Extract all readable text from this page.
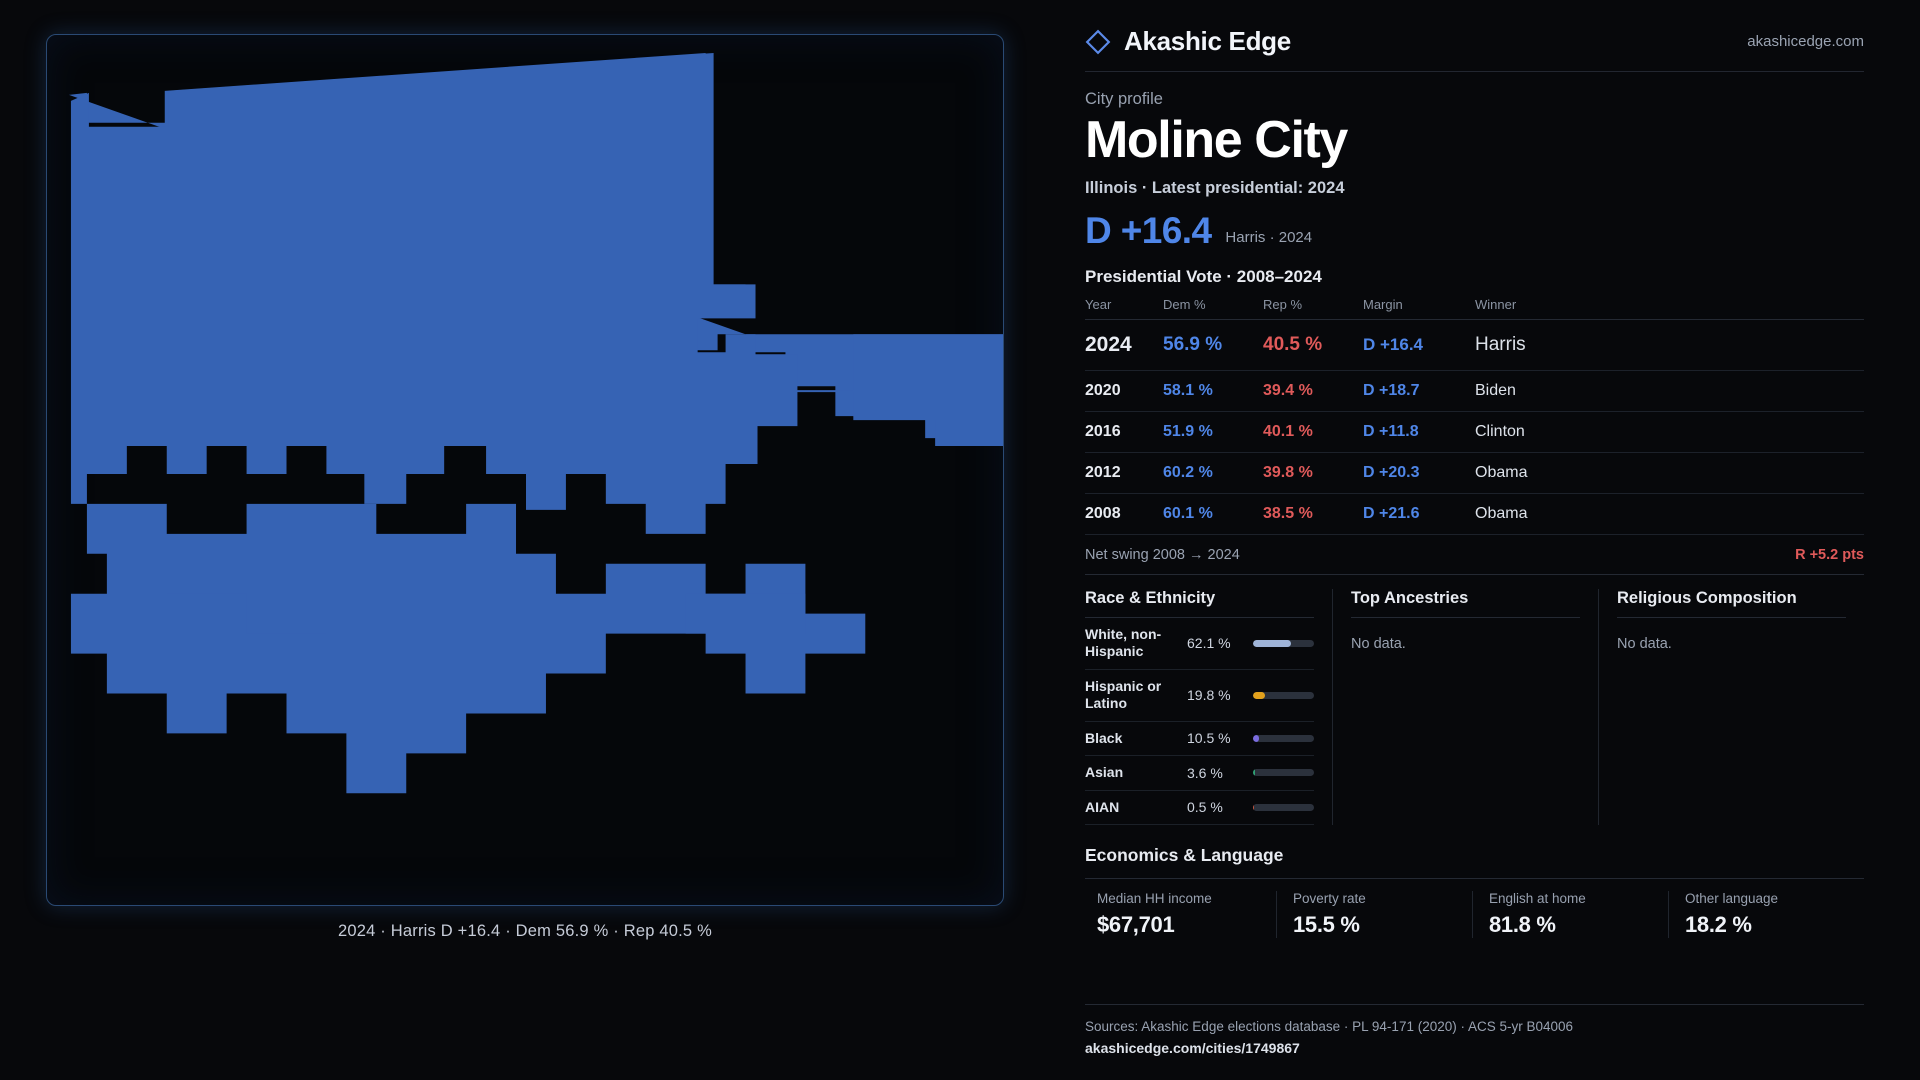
2024 · Harris D +16.4 · Dem 56.9 % · Rep 40.5 %
Akashic Edge	akashicedge.com
City profile
Moline City
Illinois · Latest presidential: 2024
D +16.4 Harris · 2024
Presidential Vote · 2008–2024
Year	Dem %	Rep %	Margin	Winner
2024	56.9 %	40.5 %	D +16.4	Harris
2020	58.1 %	39.4 %	D +18.7	Biden
2016	51.9 %	40.1 %	D +11.8	Clinton
2012	60.2 %	39.8 %	D +20.3	Obama
2008	60.1 %	38.5 %	D +21.6	Obama
Net swing 2008 → 2024	R +5.2 pts
Race & Ethnicity
White, non-Hispanic	62.1 %
Hispanic or Latino	19.8 %
Black	10.5 %
Asian	3.6 %
AIAN	0.5 %
Top Ancestries
No data.
Religious Composition
No data.
Economics & Language
Median HH income
$67,701
Poverty rate
15.5 %
English at home
81.8 %
Other language
18.2 %
Sources: Akashic Edge elections database · PL 94-171 (2020) · ACS 5-yr B04006
akashicedge.com/cities/1749867
